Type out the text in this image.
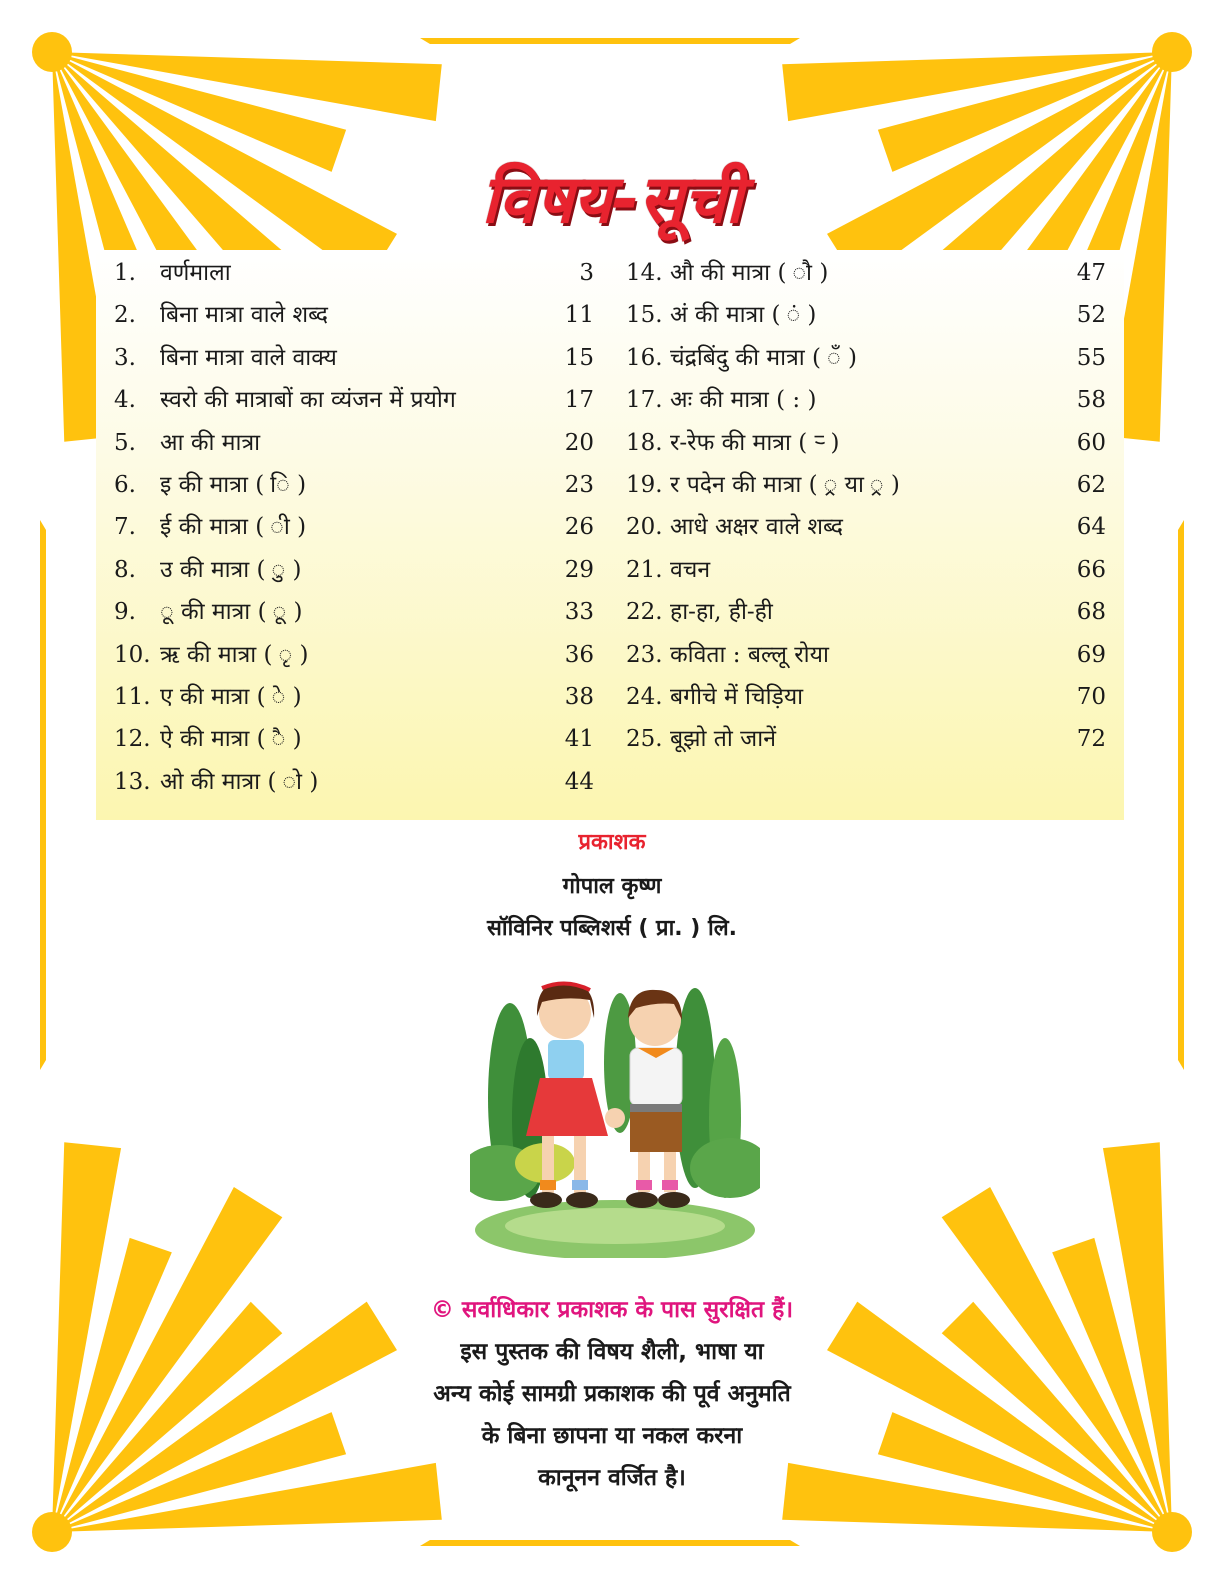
विषय-सूची
1. वर्णमाला	3
2. बिना मात्रा वाले शब्द	11
3. बिना मात्रा वाले वाक्य	15
4. स्वरो की मात्राबों का व्यंजन में प्रयोग	17
5. आ की मात्रा	20
6. इ की मात्रा ( ि )	23
7. ई की मात्रा ( ी )	26
8. उ की मात्रा ( ु )	29
9. ू की मात्रा ( ू )	33
10. ऋ की मात्रा ( ृ )	36
11. ए की मात्रा ( े )	38
12. ऐ की मात्रा ( ै )	41
13. ओ की मात्रा ( ो )	44
14. औ की मात्रा ( ौ )	47
15. अं की मात्रा ( ं )	52
16. चंद्रबिंदु की मात्रा ( ँ )	55
17. अः की मात्रा ( : )	58
18. र-रेफ की मात्रा ( र्‍ )	60
19. र पदेन की मात्रा ( ्र या ्र )	62
20. आधे अक्षर वाले शब्द	64
21. वचन	66
22. हा-हा, ही-ही	68
23. कविता : बल्लू रोया	69
24. बगीचे में चिड़िया	70
25. बूझो तो जानें	72
प्रकाशक
गोपाल कृष्ण
सॉविनिर पब्लिशर्स ( प्रा. ) लि.
© सर्वाधिकार प्रकाशक के पास सुरक्षित हैं।
इस पुस्तक की विषय शैली, भाषा या
अन्य कोई सामग्री प्रकाशक की पूर्व अनुमति
के बिना छापना या नकल करना
कानूनन वर्जित है।
